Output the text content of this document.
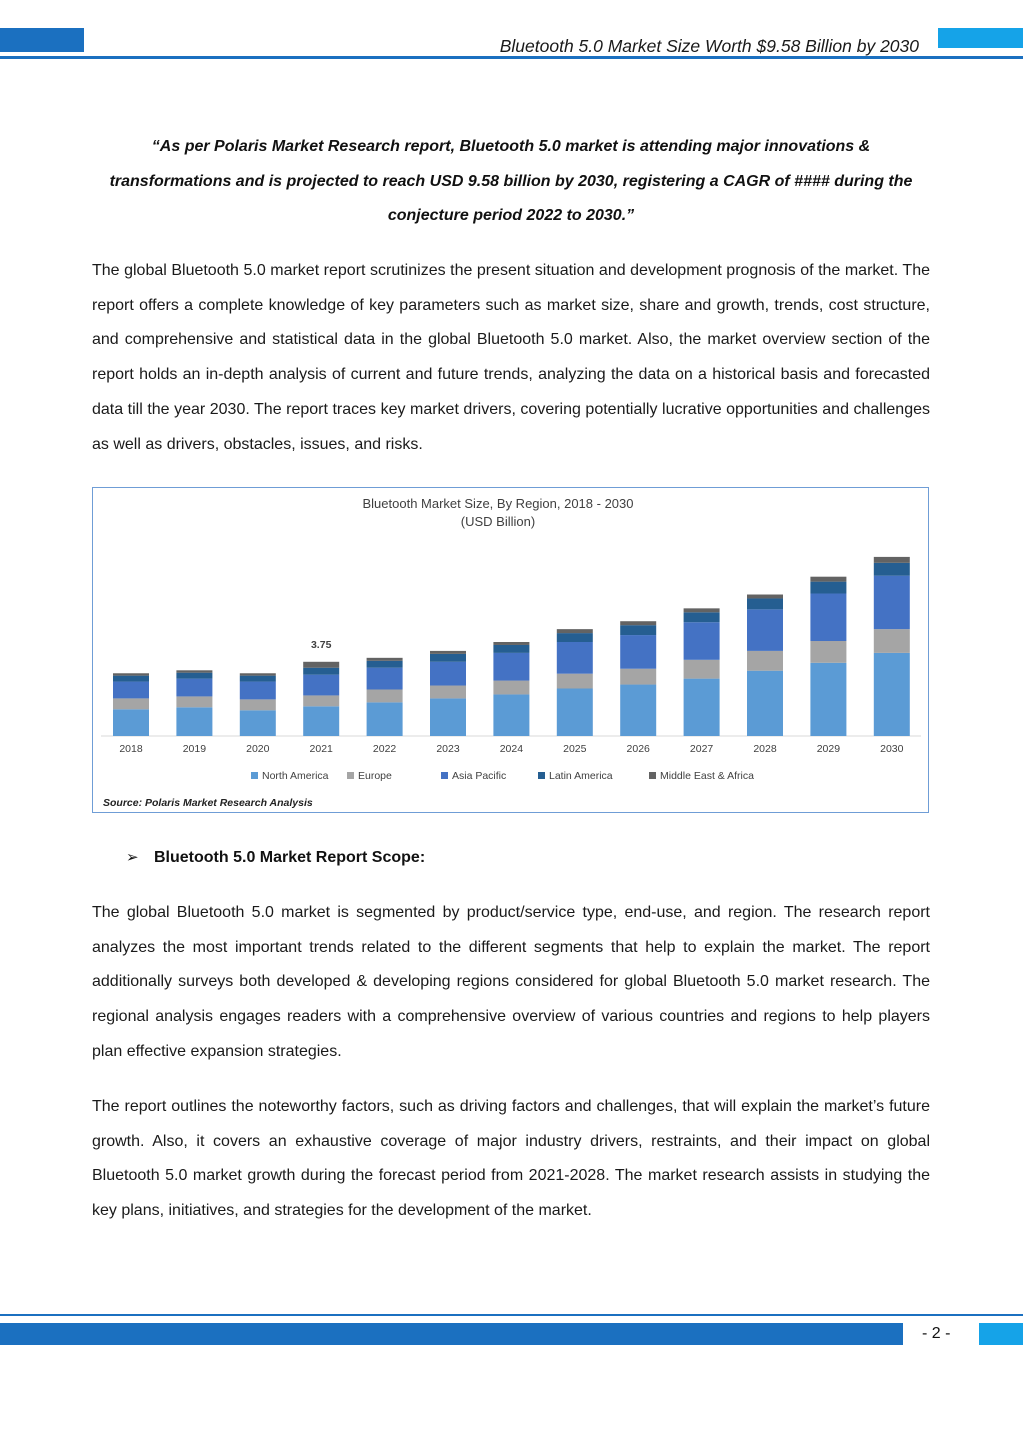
Bluetooth 5.0 Market Size Worth $9.58 Billion by 2030
“As per Polaris Market Research report, Bluetooth 5.0 market is attending major innovations & transformations and is projected to reach USD 9.58 billion by 2030, registering a CAGR of #### during the conjecture period 2022 to 2030.”
The global Bluetooth 5.0 market report scrutinizes the present situation and development prognosis of the market. The report offers a complete knowledge of key parameters such as market size, share and growth, trends, cost structure, and comprehensive and statistical data in the global Bluetooth 5.0 market. Also, the market overview section of the report holds an in-depth analysis of current and future trends, analyzing the data on a historical basis and forecasted data till the year 2030. The report traces key market drivers, covering potentially lucrative opportunities and challenges as well as drivers, obstacles, issues, and risks.
Bluetooth Market Size, By Region, 2018 - 2030
(USD Billion)
2018	2019	2020	2021	2022	2023	2024	2025	2026	2027	2028	2029	2030
3.75
North America	Europe	Asia Pacific	Latin America	Middle East & Africa
Source: Polaris Market Research Analysis
➢ Bluetooth 5.0 Market Report Scope:
The global Bluetooth 5.0 market is segmented by product/service type, end-use, and region. The research report analyzes the most important trends related to the different segments that help to explain the market. The report additionally surveys both developed & developing regions considered for global Bluetooth 5.0 market research. The regional analysis engages readers with a comprehensive overview of various countries and regions to help players plan effective expansion strategies.
The report outlines the noteworthy factors, such as driving factors and challenges, that will explain the market’s future growth. Also, it covers an exhaustive coverage of major industry drivers, restraints, and their impact on global Bluetooth 5.0 market growth during the forecast period from 2021-2028. The market research assists in studying the key plans, initiatives, and strategies for the development of the market.
- 2 -
